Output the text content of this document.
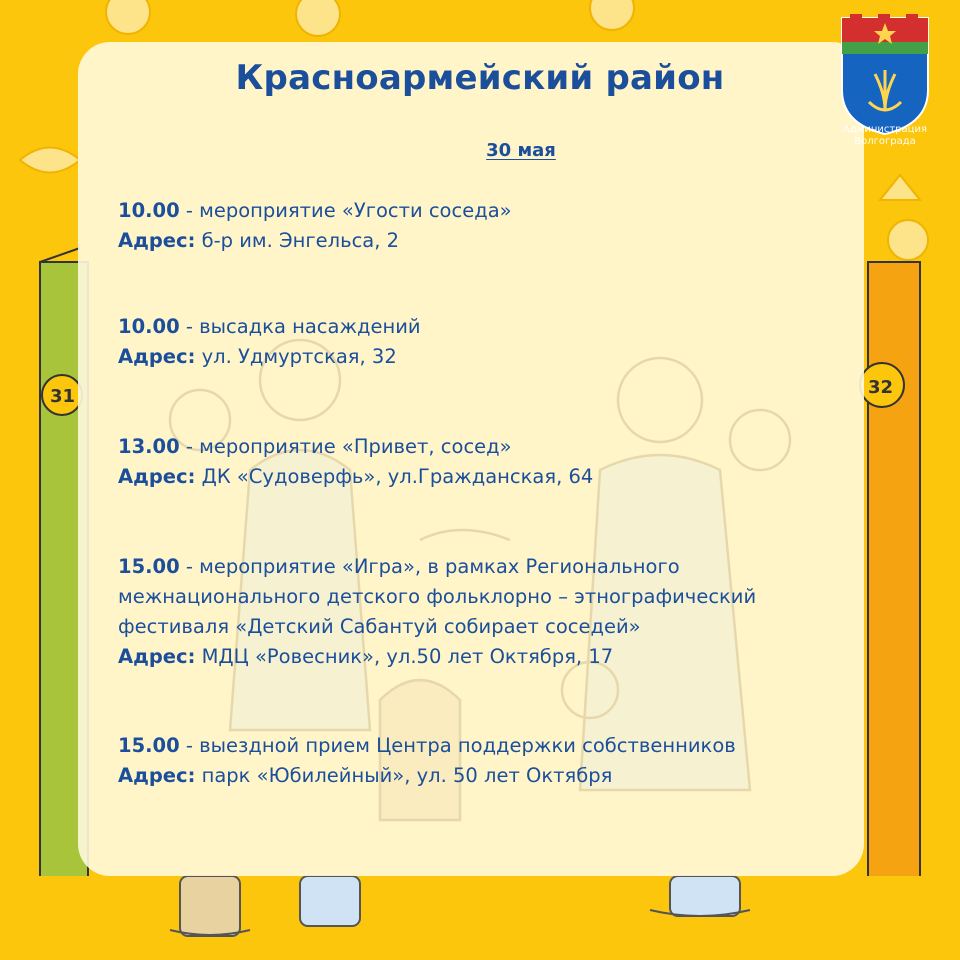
31	32
Администрация
Волгограда
Красноармейский район
30 мая
10.00 - мероприятие «Угости соседа»
Адрес: б-р им. Энгельса, 2
10.00 - высадка насаждений
Адрес: ул. Удмуртская, 32
13.00 - мероприятие «Привет, сосед»
Адрес: ДК «Судоверфь», ул.Гражданская, 64
15.00 - мероприятие «Игра», в рамках Регионального
межнационального детского фольклорно – этнографический
фестиваля «Детский Сабантуй собирает соседей»
Адрес: МДЦ «Ровесник», ул.50 лет Октября, 17
15.00 - выездной прием Центра поддержки собственников
Адрес: парк «Юбилейный», ул. 50 лет Октября
